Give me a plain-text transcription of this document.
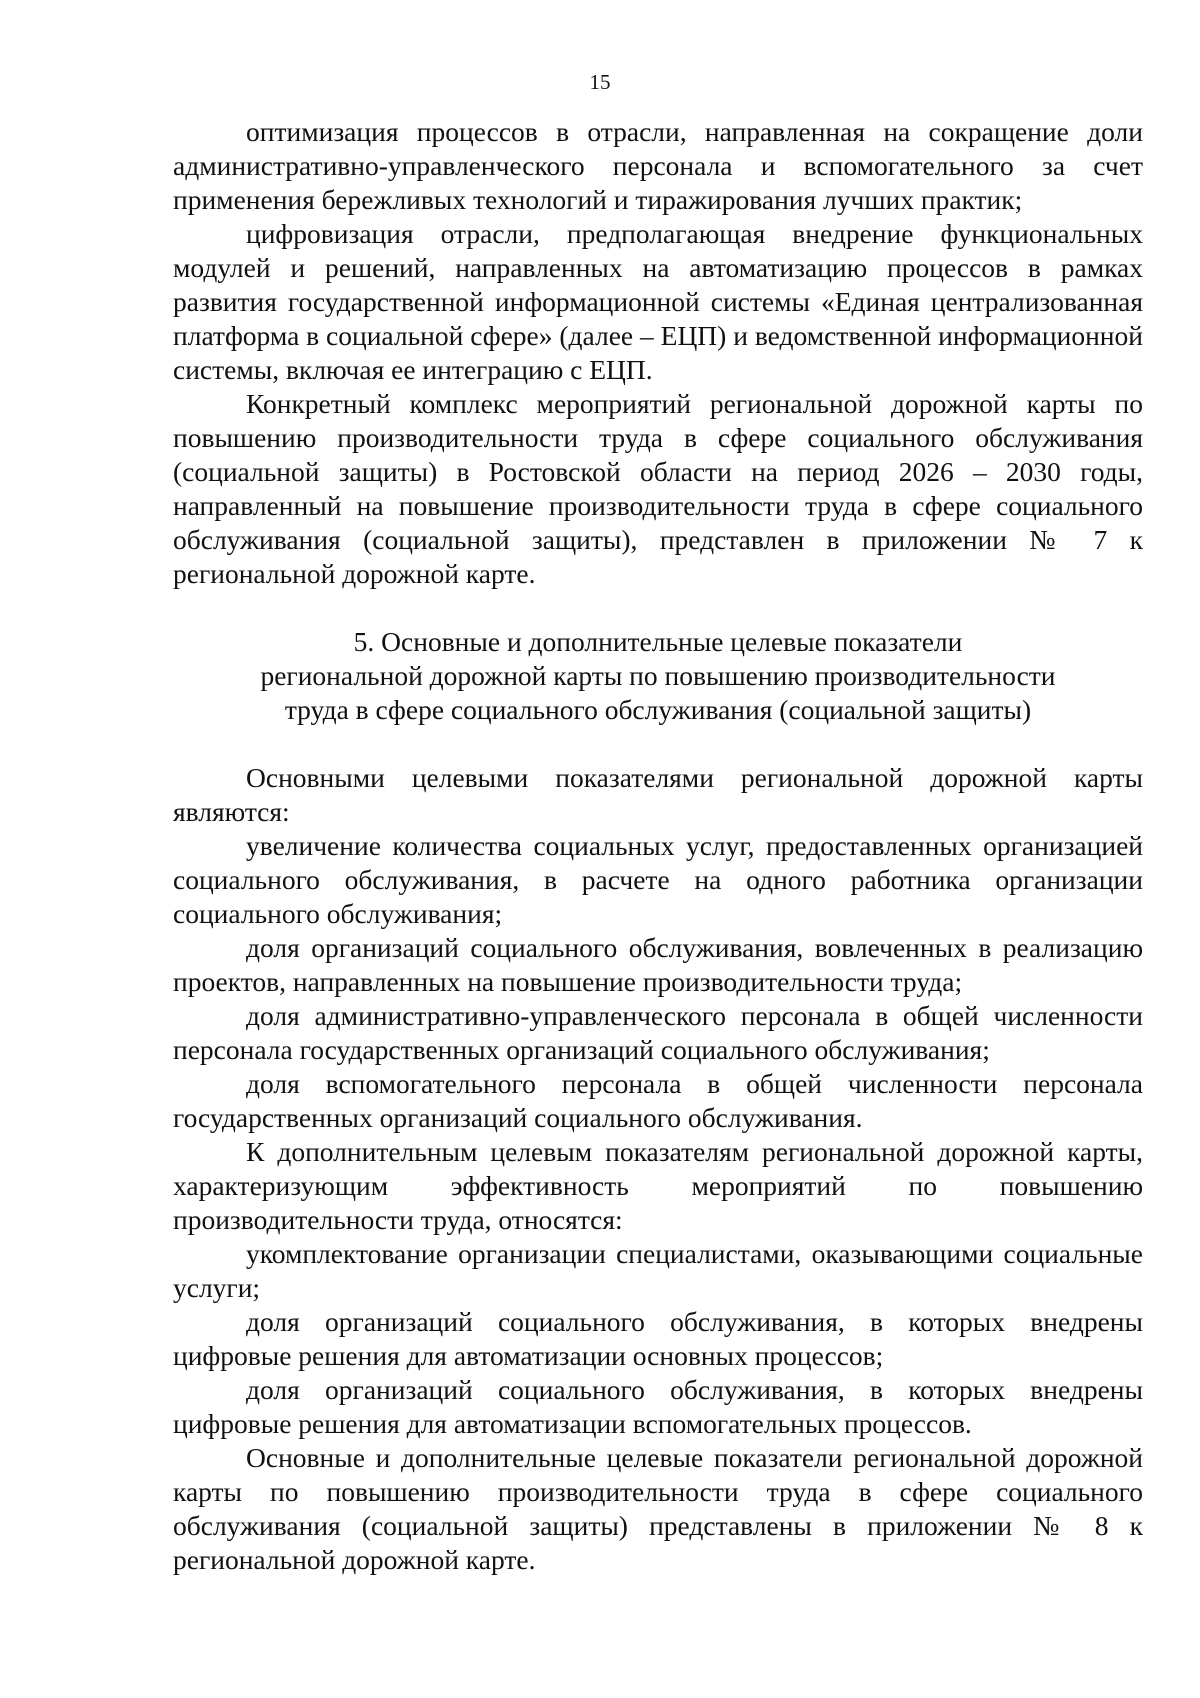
15

оптимизация процессов в отрасли, направленная на сокращение доли административно-управленческого персонала и вспомогательного за счет применения бережливых технологий и тиражирования лучших практик;

цифровизация отрасли, предполагающая внедрение функциональных модулей и решений, направленных на автоматизацию процессов в рамках развития государственной информационной системы «Единая централизованная платформа в социальной сфере» (далее – ЕЦП) и ведомственной информационной системы, включая ее интеграцию с ЕЦП.

Конкретный комплекс мероприятий региональной дорожной карты по повышению производительности труда в сфере социального обслуживания (социальной защиты) в Ростовской области на период 2026 – 2030 годы, направленный на повышение производительности труда в сфере социального обслуживания (социальной защиты), представлен в приложении № 7 к региональной дорожной карте.

5. Основные и дополнительные целевые показатели
региональной дорожной карты по повышению производительности
труда в сфере социального обслуживания (социальной защиты)

Основными целевыми показателями региональной дорожной карты являются:

увеличение количества социальных услуг, предоставленных организацией социального обслуживания, в расчете на одного работника организации социального обслуживания;

доля организаций социального обслуживания, вовлеченных в реализацию проектов, направленных на повышение производительности труда;

доля административно-управленческого персонала в общей численности персонала государственных организаций социального обслуживания;

доля вспомогательного персонала в общей численности персонала государственных организаций социального обслуживания.

К дополнительным целевым показателям региональной дорожной карты, характеризующим эффективность мероприятий по повышению производительности труда, относятся:

укомплектование организации специалистами, оказывающими социальные услуги;

доля организаций социального обслуживания, в которых внедрены цифровые решения для автоматизации основных процессов;

доля организаций социального обслуживания, в которых внедрены цифровые решения для автоматизации вспомогательных процессов.

Основные и дополнительные целевые показатели региональной дорожной карты по повышению производительности труда в сфере социального обслуживания (социальной защиты) представлены в приложении № 8 к региональной дорожной карте.
